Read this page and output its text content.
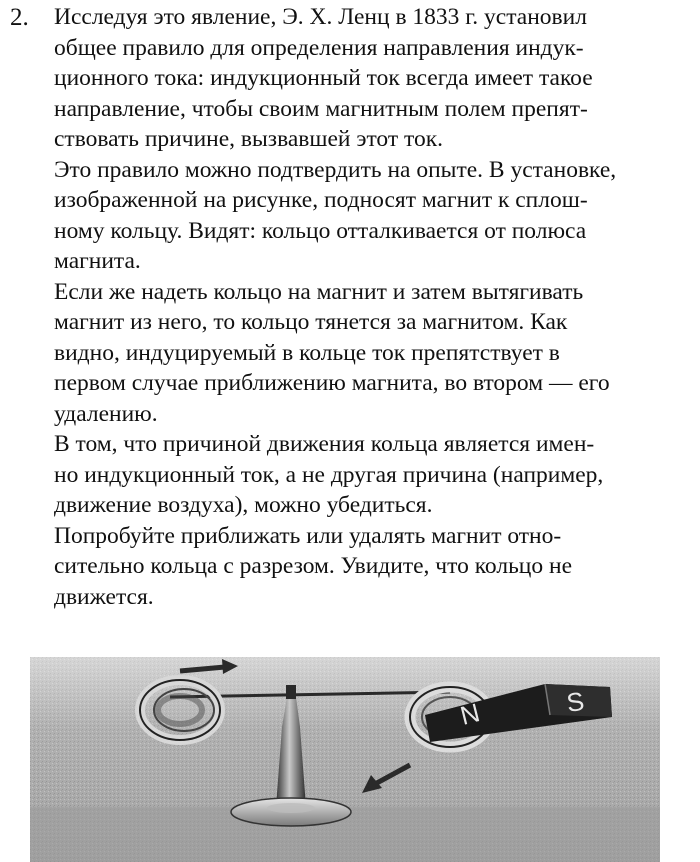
2. Исследуя это явление, Э. Х. Ленц в 1833 г. установил
общее правило для определения направления индук-
ционного тока: индукционный ток всегда имеет такое
направление, чтобы своим магнитным полем препят-
ствовать причине, вызвавшей этот ток.

Это правило можно подтвердить на опыте. В установке,
изображенной на рисунке, подносят магнит к сплош-
ному кольцу. Видят: кольцо отталкивается от полюса
магнита.

Если же надеть кольцо на магнит и затем вытягивать
магнит из него, то кольцо тянется за магнитом. Как
видно, индуцируемый в кольце ток препятствует в
первом случае приближению магнита, во втором — его
удалению.

В том, что причиной движения кольца является имен-
но индукционный ток, а не другая причина (например,
движение воздуха), можно убедиться.

Попробуйте приближать или удалять магнит отно-
сительно кольца с разрезом. Увидите, что кольцо не
движется.

N	S
